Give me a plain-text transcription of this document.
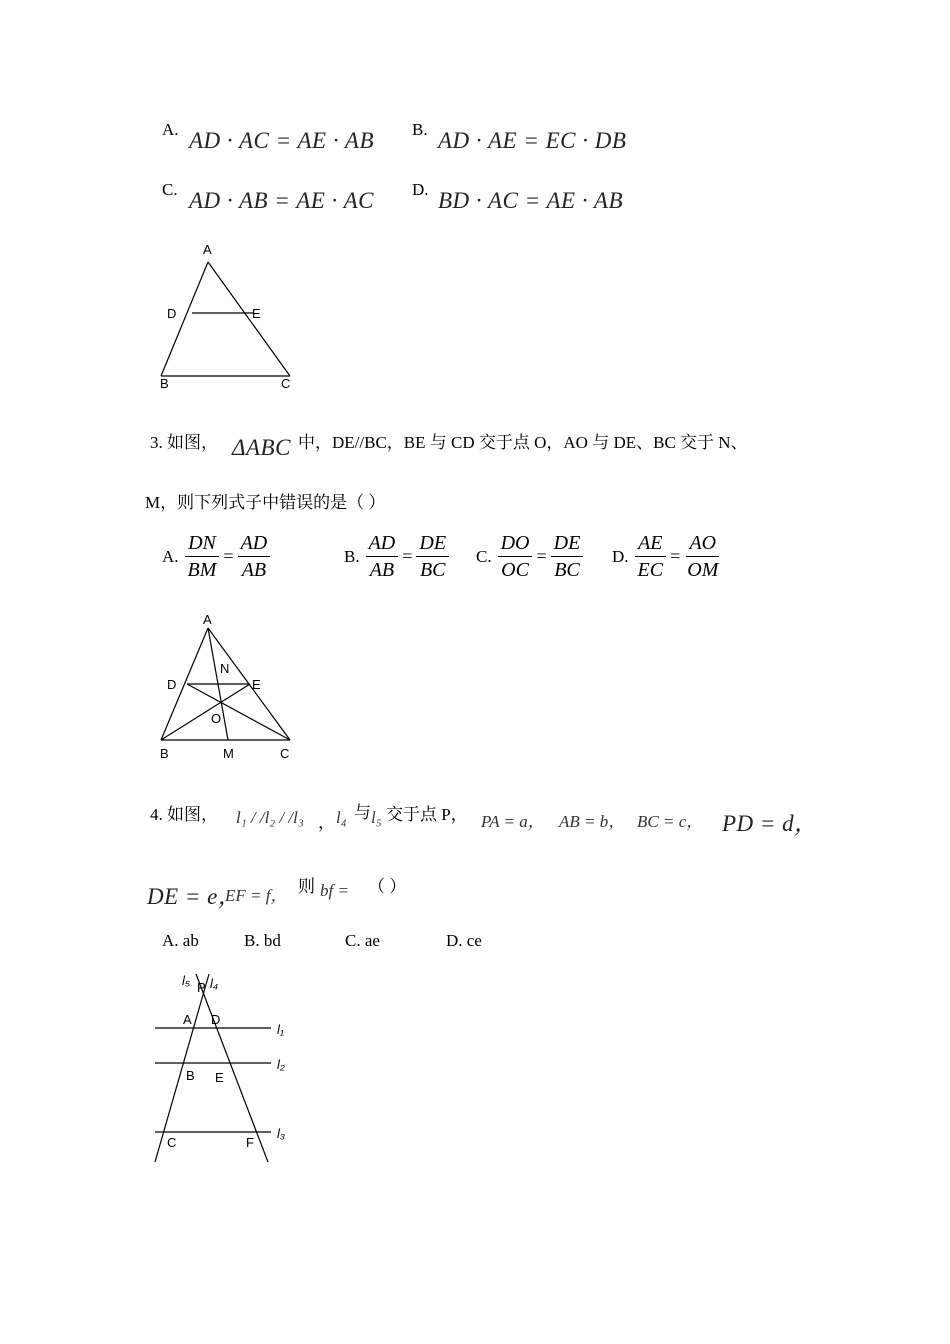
A. AD · AC = AE · AB B. AD · AE = EC · DB
C. AD · AB = AE · AC D. BD · AC = AE · AB
A
D	E
B	C
3. 如图， ΔABC 中，DE//BC，BE 与 CD 交于点 O，AO 与 DE、BC 交于 N、
M，则下列式子中错误的是（ ）
A. $\frac{DN}{BM} = \frac{AD}{AB}$	B. $\frac{AD}{AB} = \frac{DE}{BC} C$. $\frac{DO}{OC} = \frac{DE}{BC} D$. $\frac{AE}{EC} = \frac{AO}{OM}$
A
N
D	E
O
B	M	C
4. 如图， l₁ / /l₂ / /l₃ ， l₄ 与 l₅ 交于点 P， PA = a， AB = b， BC = c， PD = d，
DE = e，
EF = f， 则 bf = （ ）
A. ab	B. bd	C. ae	D. ce
l₅ P l₄
A D
l₁
l₂
B E
l₃
C	F
